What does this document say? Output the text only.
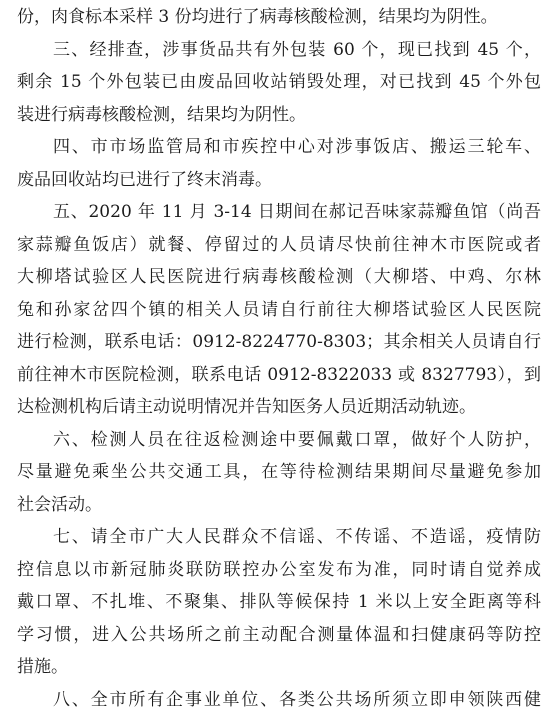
份，肉食标本采样 3 份均进行了病毒核酸检测，结果均为阴性。
三、经排查，涉事货品共有外包装 60 个，现已找到 45 个，
剩余 15 个外包装已由废品回收站销毁处理，对已找到 45 个外包
装进行病毒核酸检测，结果均为阴性。
四、市市场监管局和市疾控中心对涉事饭店、搬运三轮车、
废品回收站均已进行了终末消毒。
五、2020 年 11 月 3-14 日期间在郝记吾味家蒜瓣鱼馆（尚吾
家蒜瓣鱼饭店）就餐、停留过的人员请尽快前往神木市医院或者
大柳塔试验区人民医院进行病毒核酸检测（大柳塔、中鸡、尔林
兔和孙家岔四个镇的相关人员请自行前往大柳塔试验区人民医院
进行检测，联系电话：0912-8224770-8303；其余相关人员请自行
前往神木市医院检测，联系电话 0912-8322033 或 8327793），到
达检测机构后请主动说明情况并告知医务人员近期活动轨迹。
六、检测人员在往返检测途中要佩戴口罩，做好个人防护，
尽量避免乘坐公共交通工具，在等待检测结果期间尽量避免参加
社会活动。
七、请全市广大人民群众不信谣、不传谣、不造谣，疫情防
控信息以市新冠肺炎联防联控办公室发布为准，同时请自觉养成
戴口罩、不扎堆、不聚集、排队等候保持 1 米以上安全距离等科
学习惯，进入公共场所之前主动配合测量体温和扫健康码等防控
措施。
八、全市所有企事业单位、各类公共场所须立即申领陕西健
